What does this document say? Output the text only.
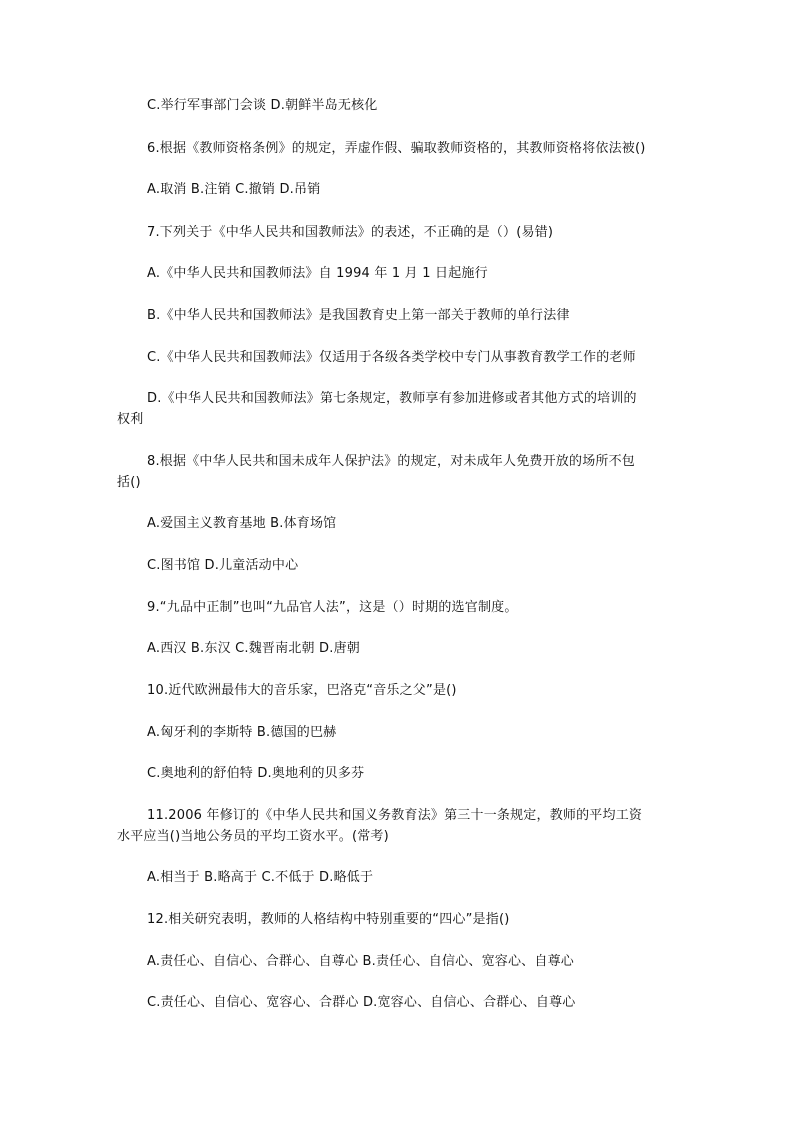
C.举行军事部门会谈 D.朝鲜半岛无核化
6.根据《教师资格条例》的规定，弄虚作假、骗取教师资格的，其教师资格将依法被()
A.取消 B.注销 C.撤销 D.吊销
7.下列关于《中华人民共和国教师法》的表述，不正确的是（）(易错)
A.《中华人民共和国教师法》自 1994 年 1 月 1 日起施行
B.《中华人民共和国教师法》是我国教育史上第一部关于教师的单行法律
C.《中华人民共和国教师法》仅适用于各级各类学校中专门从事教育教学工作的老师
D.《中华人民共和国教师法》第七条规定，教师享有参加进修或者其他方式的培训的
权利
8.根据《中华人民共和国未成年人保护法》的规定，对未成年人免费开放的场所不包
括()
A.爱国主义教育基地 B.体育场馆
C.图书馆 D.儿童活动中心
9.“九品中正制”也叫“九品官人法”，这是（）时期的选官制度。
A.西汉 B.东汉 C.魏晋南北朝 D.唐朝
10.近代欧洲最伟大的音乐家，巴洛克“音乐之父”是()
A.匈牙利的李斯特 B.德国的巴赫
C.奥地利的舒伯特 D.奥地利的贝多芬
11.2006 年修订的《中华人民共和国义务教育法》第三十一条规定，教师的平均工资
水平应当()当地公务员的平均工资水平。(常考)
A.相当于 B.略高于 C.不低于 D.略低于
12.相关研究表明，教师的人格结构中特别重要的“四心”是指()
A.责任心、自信心、合群心、自尊心 B.责任心、自信心、宽容心、自尊心
C.责任心、自信心、宽容心、合群心 D.宽容心、自信心、合群心、自尊心
